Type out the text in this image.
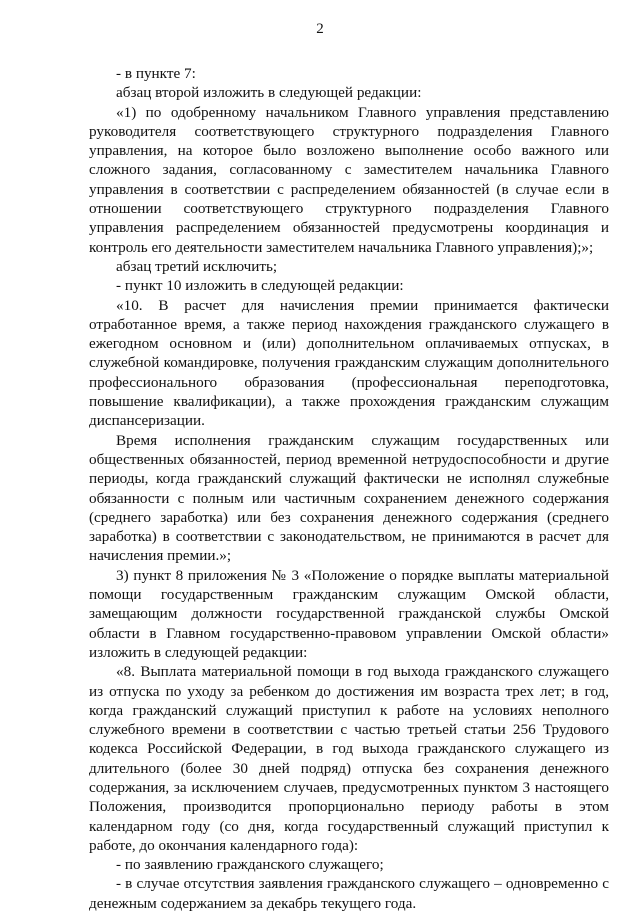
2

- в пункте 7:

абзац второй изложить в следующей редакции:

«1) по одобренному начальником Главного управления представлению руководителя соответствующего структурного подразделения Главного управления, на которое было возложено выполнение особо важного или сложного задания, согласованному с заместителем начальника Главного управления в соответствии с распределением обязанностей (в случае если в отношении соответствующего структурного подразделения Главного управления распределением обязанностей предусмотрены координация и контроль его деятельности заместителем начальника Главного управления);»;

абзац третий исключить;

- пункт 10 изложить в следующей редакции:

«10. В расчет для начисления премии принимается фактически отработанное время, а также период нахождения гражданского служащего в ежегодном основном и (или) дополнительном оплачиваемых отпусках, в служебной командировке, получения гражданским служащим дополнительного профессионального образования (профессиональная переподготовка, повышение квалификации), а также прохождения гражданским служащим диспансеризации.

Время исполнения гражданским служащим государственных или общественных обязанностей, период временной нетрудоспособности и другие периоды, когда гражданский служащий фактически не исполнял служебные обязанности с полным или частичным сохранением денежного содержания (среднего заработка) или без сохранения денежного содержания (среднего заработка) в соответствии с законодательством, не принимаются в расчет для начисления премии.»;

3) пункт 8 приложения № 3 «Положение о порядке выплаты материальной помощи государственным гражданским служащим Омской области, замещающим должности государственной гражданской службы Омской области в Главном государственно-правовом управлении Омской области» изложить в следующей редакции:

«8. Выплата материальной помощи в год выхода гражданского служащего из отпуска по уходу за ребенком до достижения им возраста трех лет; в год, когда гражданский служащий приступил к работе на условиях неполного служебного времени в соответствии с частью третьей статьи 256 Трудового кодекса Российской Федерации, в год выхода гражданского служащего из длительного (более 30 дней подряд) отпуска без сохранения денежного содержания, за исключением случаев, предусмотренных пунктом 3 настоящего Положения, производится пропорционально периоду работы в этом календарном году (со дня, когда государственный служащий приступил к работе, до окончания календарного года):

- по заявлению гражданского служащего;

- в случае отсутствия заявления гражданского служащего – одновременно с денежным содержанием за декабрь текущего года.
